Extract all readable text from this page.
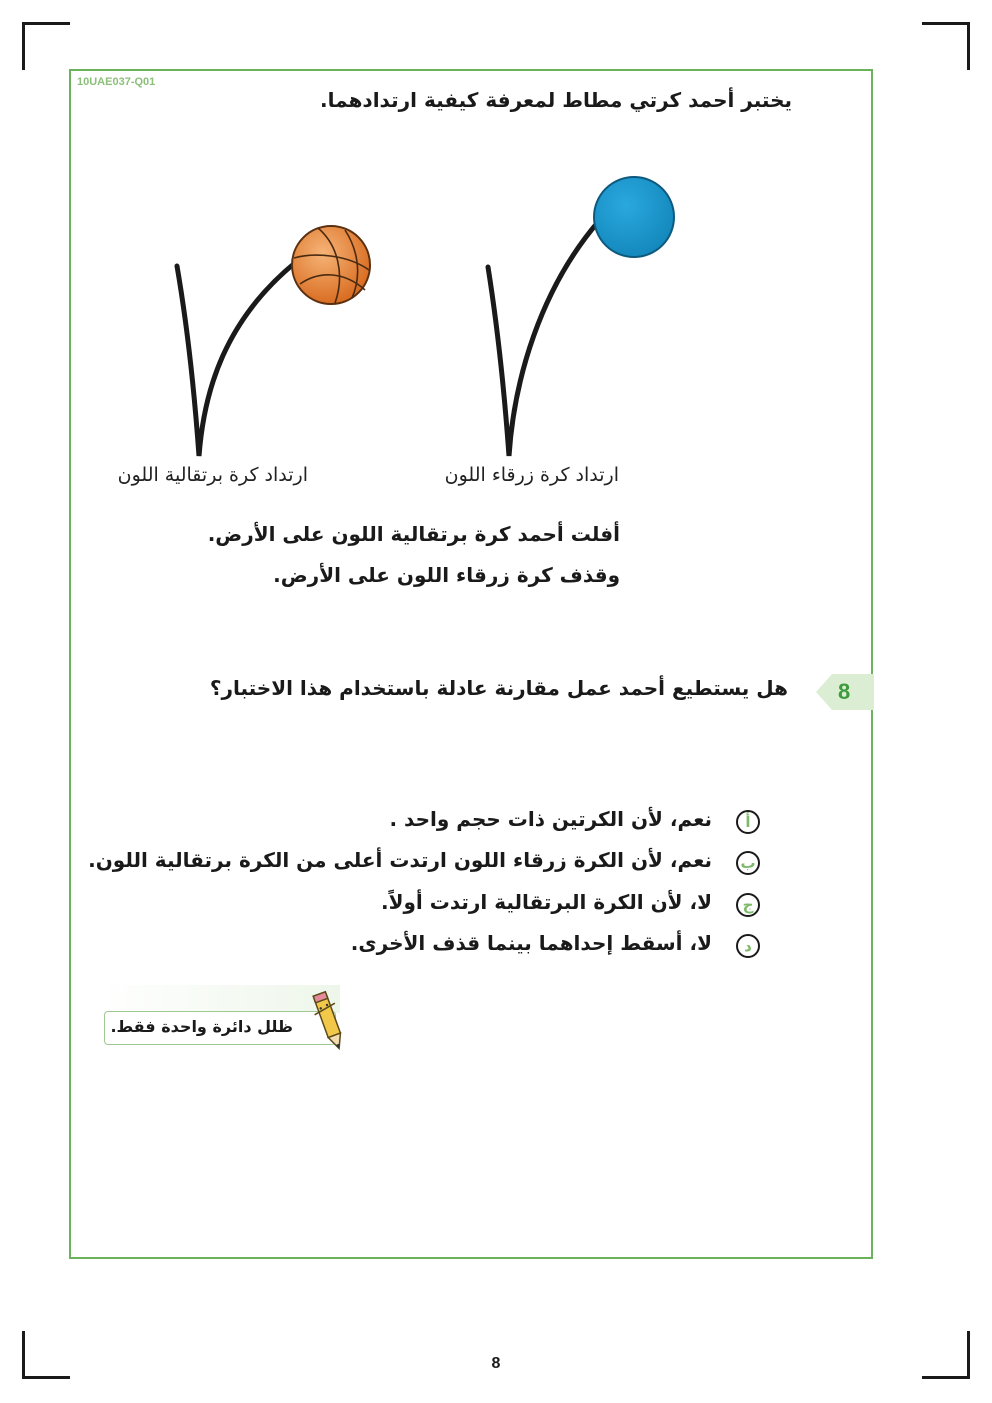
10UAE037-Q01
يختبر أحمد كرتي مطاط لمعرفة كيفية ارتدادهما.
ارتداد كرة برتقالية اللون	ارتداد كرة زرقاء اللون
أفلت أحمد كرة برتقالية اللون على الأرض.
وقذف كرة زرقاء اللون على الأرض.
8
هل يستطيع أحمد عمل مقارنة عادلة باستخدام هذا الاختبار؟
أ
نعم، لأن الكرتين ذات حجم واحد .
ب
نعم، لأن الكرة زرقاء اللون ارتدت أعلى من الكرة برتقالية اللون.
ج
لا، لأن الكرة البرتقالية ارتدت أولاً.
د
لا، أسقط إحداهما بينما قذف الأخرى.
ظلل دائرة واحدة فقط.
8
